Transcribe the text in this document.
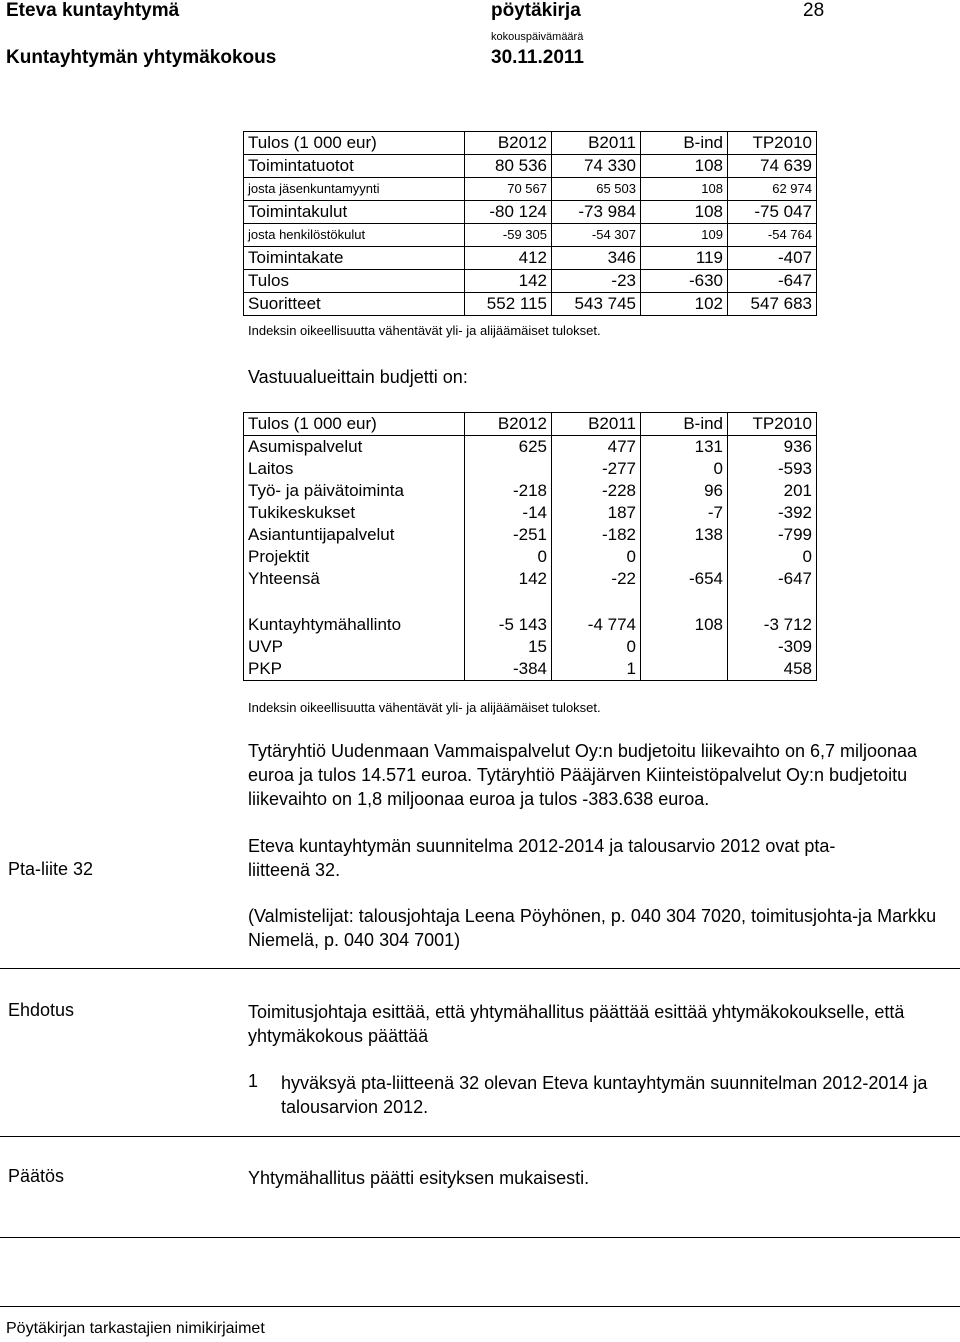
Eteva kuntayhtymä	pöytäkirja	28
kokouspäivämäärä
Kuntayhtymän yhtymäkokous	30.11.2011
Tulos (1 000 eur)	B2012	B2011	B-ind	TP2010
Toimintatuotot	80 536	74 330	108	74 639
josta jäsenkuntamyynti	70 567	65 503	108	62 974
Toimintakulut	-80 124	-73 984	108	-75 047
josta henkilöstökulut	-59 305	-54 307	109	-54 764
Toimintakate	412	346	119	-407
Tulos	142	-23	-630	-647
Suoritteet	552 115	543 745	102	547 683
Indeksin oikeellisuutta vähentävät yli- ja alijäämäiset tulokset.
Vastuualueittain budjetti on:
Tulos (1 000 eur)	B2012	B2011	B-ind	TP2010
Asumispalvelut	625	477	131	936
Laitos		-277	0	-593
Työ- ja päivätoiminta	-218	-228	96	201
Tukikeskukset	-14	187	-7	-392
Asiantuntijapalvelut	-251	-182	138	-799
Projektit	0	0		0
Yhteensä	142	-22	-654	-647

Kuntayhtymähallinto	-5 143	-4 774	108	-3 712
UVP	15	0		-309
PKP	-384	1		458
Indeksin oikeellisuutta vähentävät yli- ja alijäämäiset tulokset.
Tytäryhtiö Uudenmaan Vammaispalvelut Oy:n budjetoitu liikevaihto on 6,7 miljoonaa euroa ja tulos 14.571 euroa. Tytäryhtiö Pääjärven Kiinteistöpalvelut Oy:n budjetoitu liikevaihto on 1,8 miljoonaa euroa ja tulos -383.638 euroa.
Pta-liite 32
Eteva kuntayhtymän suunnitelma 2012-2014 ja talousarvio 2012 ovat pta-liitteenä 32.
(Valmistelijat: talousjohtaja Leena Pöyhönen, p. 040 304 7020, toimitusjohta-ja Markku Niemelä, p. 040 304 7001)
Ehdotus	Toimitusjohtaja esittää, että yhtymähallitus päättää esittää yhtymäkokoukselle, että yhtymäkokous päättää
1 hyväksyä pta-liitteenä 32 olevan Eteva kuntayhtymän suunnitelman 2012-2014 ja talousarvion 2012.
Päätös	Yhtymähallitus päätti esityksen mukaisesti.
Pöytäkirjan tarkastajien nimikirjaimet
